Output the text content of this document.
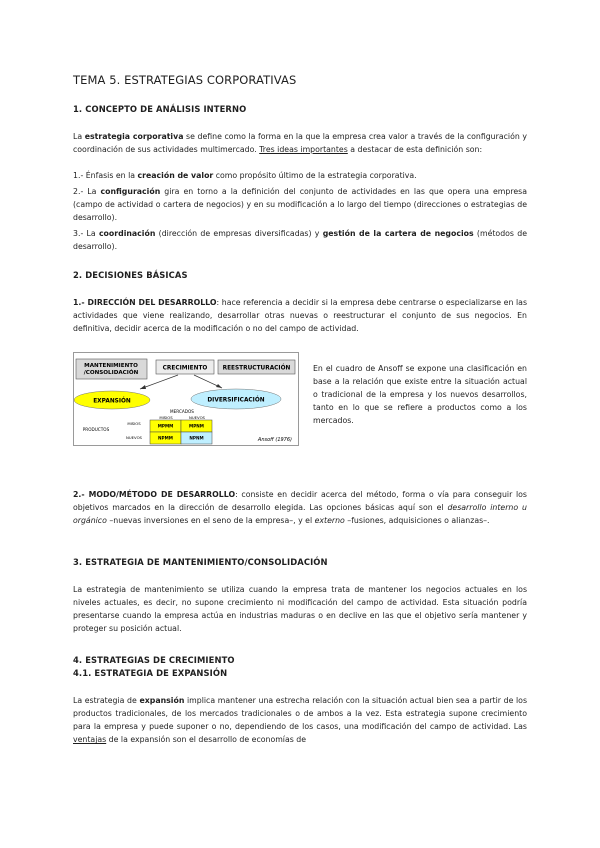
TEMA 5. ESTRATEGIAS CORPORATIVAS
1. CONCEPTO DE ANÁLISIS INTERNO
La estrategia corporativa se define como la forma en la que la empresa crea valor a través de la configuración y coordinación de sus actividades multimercado. Tres ideas importantes a destacar de esta definición son:
1.- Énfasis en la creación de valor como propósito último de la estrategia corporativa.
2.- La configuración gira en torno a la definición del conjunto de actividades en las que opera una empresa (campo de actividad o cartera de negocios) y en su modificación a lo largo del tiempo (direcciones o estrategias de desarrollo).
3.- La coordinación (dirección de empresas diversificadas) y gestión de la cartera de negocios (métodos de desarrollo).
2. DECISIONES BÁSICAS
1.- DIRECCIÓN DEL DESARROLLO: hace referencia a decidir si la empresa debe centrarse o especializarse en las actividades que viene realizando, desarrollar otras nuevas o reestructurar el conjunto de sus negocios. En definitiva, decidir acerca de la modificación o no del campo de actividad.
MANTENIMIENTO
/CONSOLIDACIÓN
CRECIMIENTO	REESTRUCTURACIÓN
EXPANSIÓN	DIVERSIFICACIÓN
MERCADOS
MISIOS	NUEVOS
PRODUCTOS
MISIOS
NUEVOS
MPMM	MPNM
NPMM	NPNM	Ansoff (1976)
En el cuadro de Ansoff se expone una clasificación en base a la relación que existe entre la situación actual o tradicional de la empresa y los nuevos desarrollos, tanto en lo que se refiere a productos como a los mercados.
2.- MODO/MÉTODO DE DESARROLLO: consiste en decidir acerca del método, forma o vía para conseguir los objetivos marcados en la dirección de desarrollo elegida. Las opciones básicas aquí son el desarrollo interno u orgánico –nuevas inversiones en el seno de la empresa–, y el externo –fusiones, adquisiciones o alianzas–.
3. ESTRATEGIA DE MANTENIMIENTO/CONSOLIDACIÓN
La estrategia de mantenimiento se utiliza cuando la empresa trata de mantener los negocios actuales en los niveles actuales, es decir, no supone crecimiento ni modificación del campo de actividad. Esta situación podría presentarse cuando la empresa actúa en industrias maduras o en declive en las que el objetivo sería mantener y proteger su posición actual.
4. ESTRATEGIAS DE CRECIMIENTO
4.1. ESTRATEGIA DE EXPANSIÓN
La estrategia de expansión implica mantener una estrecha relación con la situación actual bien sea a partir de los productos tradicionales, de los mercados tradicionales o de ambos a la vez. Esta estrategia supone crecimiento para la empresa y puede suponer o no, dependiendo de los casos, una modificación del campo de actividad. Las ventajas de la expansión son el desarrollo de economías de
